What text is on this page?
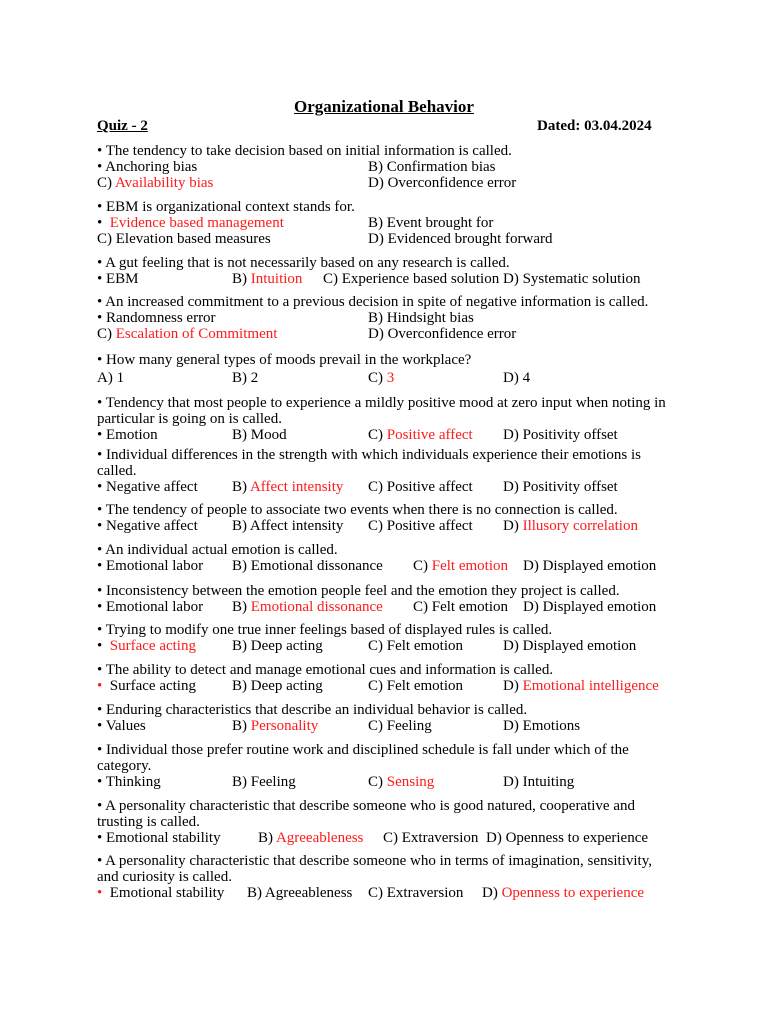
Organizational Behavior
Quiz - 2	Dated: 03.04.2024
• The tendency to take decision based on initial information is called.
• Anchoring bias	B) Confirmation bias
C) Availability bias	D) Overconfidence error
• EBM is organizational context stands for.
•  Evidence based management	B) Event brought for
C) Elevation based measures	D) Evidenced brought forward
• A gut feeling that is not necessarily based on any research is called.
• EBM	B) Intuition C) Experience based solution D) Systematic solution
• An increased commitment to a previous decision in spite of negative information is called.
• Randomness error	B) Hindsight bias
C) Escalation of Commitment	D) Overconfidence error
• How many general types of moods prevail in the workplace?
A) 1	B) 2	C) 3	D) 4
• Tendency that most people to experience a mildly positive mood at zero input when noting in particular is going on is called.
• Emotion	B) Mood	C) Positive affect D) Positivity offset
• Individual differences in the strength with which individuals experience their emotions is called.
• Negative affect B) Affect intensity C) Positive affect D) Positivity offset
• The tendency of people to associate two events when there is no connection is called.
• Negative affect B) Affect intensity C) Positive affect D) Illusory correlation
• An individual actual emotion is called.
• Emotional labor B) Emotional dissonance C) Felt emotion D) Displayed emotion
• Inconsistency between the emotion people feel and the emotion they project is called.
• Emotional labor B) Emotional dissonance C) Felt emotion D) Displayed emotion
• Trying to modify one true inner feelings based of displayed rules is called.
•  Surface acting B) Deep acting	C) Felt emotion	D) Displayed emotion
• The ability to detect and manage emotional cues and information is called.
•  Surface acting B) Deep acting	C) Felt emotion	D) Emotional intelligence
• Enduring characteristics that describe an individual behavior is called.
• Values	B) Personality	C) Feeling	D) Emotions
• Individual those prefer routine work and disciplined schedule is fall under which of the category.
• Thinking	B) Feeling	C) Sensing	D) Intuiting
• A personality characteristic that describe someone who is good natured, cooperative and trusting is called.
• Emotional stability B) Agreeableness C) Extraversion D) Openness to experience
• A personality characteristic that describe someone who in terms of imagination, sensitivity, and curiosity is called.
•  Emotional stability B) Agreeableness C) Extraversion D) Openness to experience
